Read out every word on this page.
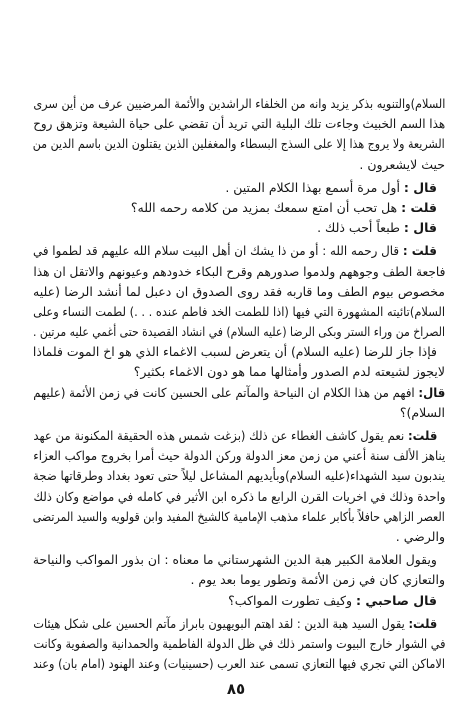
السلام)والتنويه بذكر يزيد وانه من الخلفاء الراشدين والأئمة المرضيين عرف من أين سرى
هذا السم الخبيث وجاءت تلك البلية التي تريد أن تقضي على حياة الشيعة وتزهق روح
الشريعة ولا يروج هذا إلا على السذج البسطاء والمغفلين الذين يقتلون الدين باسم الدين من
حيث لايشعرون .
قال : أول مرة أسمع بهذا الكلام المتين .
قلت : هل تحب أن امتع سمعك بمزيد من كلامه رحمه الله؟
قال : طبعاً أحب ذلك .
قلت : قال رحمه الله : أو من ذا يشك ان أهل البيت سلام الله عليهم قد لطموا في
فاجعة الطف وجوههم ولدموا صدورهم وقرح البكاء خدودهم وعيونهم والاتقل ان هذا
مخصوص بيوم الطف وما قاربه فقد روى الصدوق ان دعبل لما أنشد الرضا (عليه
السلام)تائيته المشهورة التي فيها (اذا للطمت الخد فاطم عنده . . .) لطمت النساء وعلى
الصراخ من وراء الستر وبكى الرضا (عليه السلام) في انشاد القصيدة حتى أغمي عليه مرتين .
فإذا جاز للرضا (عليه السلام) أن يتعرض لسبب الاغماء الذي هو اخ الموت فلماذا
لايجوز لشيعته لدم الصدور وأمثالها مما هو دون الاغماء بكثير؟
قال: افهم من هذا الكلام ان النياحة والمآتم على الحسين كانت في زمن الأئمة (عليهم
السلام)؟
قلت: نعم يقول كاشف الغطاء عن ذلك (بزغت شمس هذه الحقيقة المكنونة من عهد
يناهز الألف سنة أعني من زمن معز الدولة وركن الدولة حيث أمرا بخروج مواكب العزاء
يندبون سيد الشهداء(عليه السلام)وبأيديهم المشاعل ليلاً حتى تعود بغداد وطرقاتها ضجة
واحدة وذلك في اخريات القرن الرابع ما ذكره ابن الأثير في كامله في مواضع وكان ذلك
العصر الزاهي حافلاً بأكابر علماء مذهب الإمامية كالشيخ المفيد وابن قولويه والسيد المرتضى
والرضي .
ويقول العلامة الكبير هبة الدين الشهرستاني ما معناه : ان بذور المواكب والنياحة
والتعازي كان في زمن الأئمة وتطور يوما بعد يوم .
قال صاحبي : وكيف تطورت المواكب؟
قلت: يقول السيد هبة الدين : لقد اهتم البويهيون بابراز مآتم الحسين على شكل هيئات
في الشوار خارج البيوت واستمر ذلك في ظل الدولة الفاطمية والحمدانية والصفوية وكانت
الاماكن التي تجري فيها التعازي تسمى عند العرب (حسينيات) وعند الهنود (امام بان) وعند
٨٥
